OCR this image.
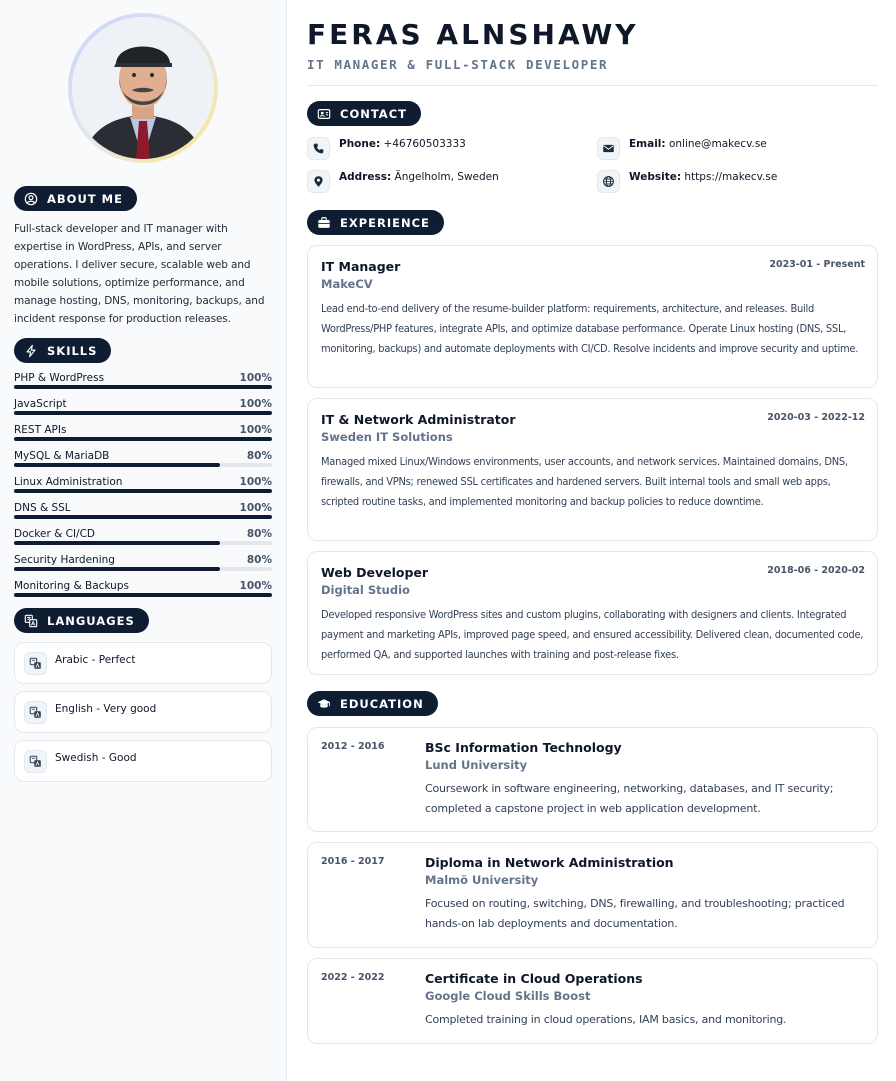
ABOUT ME

Full-stack developer and IT manager with expertise in WordPress, APIs, and server operations. I deliver secure, scalable web and mobile solutions, optimize performance, and manage hosting, DNS, monitoring, backups, and incident response for production releases.

SKILLS
PHP & WordPress	100%
JavaScript	100%
REST APIs	100%
MySQL & MariaDB	80%
Linux Administration	100%
DNS & SSL	100%
Docker & CI/CD	80%
Security Hardening	80%
Monitoring & Backups	100%
LANGUAGES
Arabic - Perfect
English - Very good
Swedish - Good
FERAS ALNSHAWY
IT MANAGER & FULL-STACK DEVELOPER
CONTACT
Phone: +46760503333	Email: online@makecv.se
Address: Ängelholm, Sweden	Website: https://makecv.se
EXPERIENCE
IT Manager
MakeCV
2023-01 - Present
Lead end-to-end delivery of the resume-builder platform: requirements, architecture, and releases. Build WordPress/PHP features, integrate APIs, and optimize database performance. Operate Linux hosting (DNS, SSL, monitoring, backups) and automate deployments with CI/CD. Resolve incidents and improve security and uptime.
IT & Network Administrator
Sweden IT Solutions
2020-03 - 2022-12
Managed mixed Linux/Windows environments, user accounts, and network services. Maintained domains, DNS, firewalls, and VPNs; renewed SSL certificates and hardened servers. Built internal tools and small web apps, scripted routine tasks, and implemented monitoring and backup policies to reduce downtime.
Web Developer
Digital Studio
2018-06 - 2020-02
Developed responsive WordPress sites and custom plugins, collaborating with designers and clients. Integrated payment and marketing APIs, improved page speed, and ensured accessibility. Delivered clean, documented code, performed QA, and supported launches with training and post-release fixes.
EDUCATION
2012 - 2016	BSc Information Technology
Lund University
Coursework in software engineering, networking, databases, and IT security; completed a capstone project in web application development.
2016 - 2017	Diploma in Network Administration
Malmö University
Focused on routing, switching, DNS, firewalling, and troubleshooting; practiced hands-on lab deployments and documentation.
2022 - 2022	Certificate in Cloud Operations
Google Cloud Skills Boost
Completed training in cloud operations, IAM basics, and monitoring.
